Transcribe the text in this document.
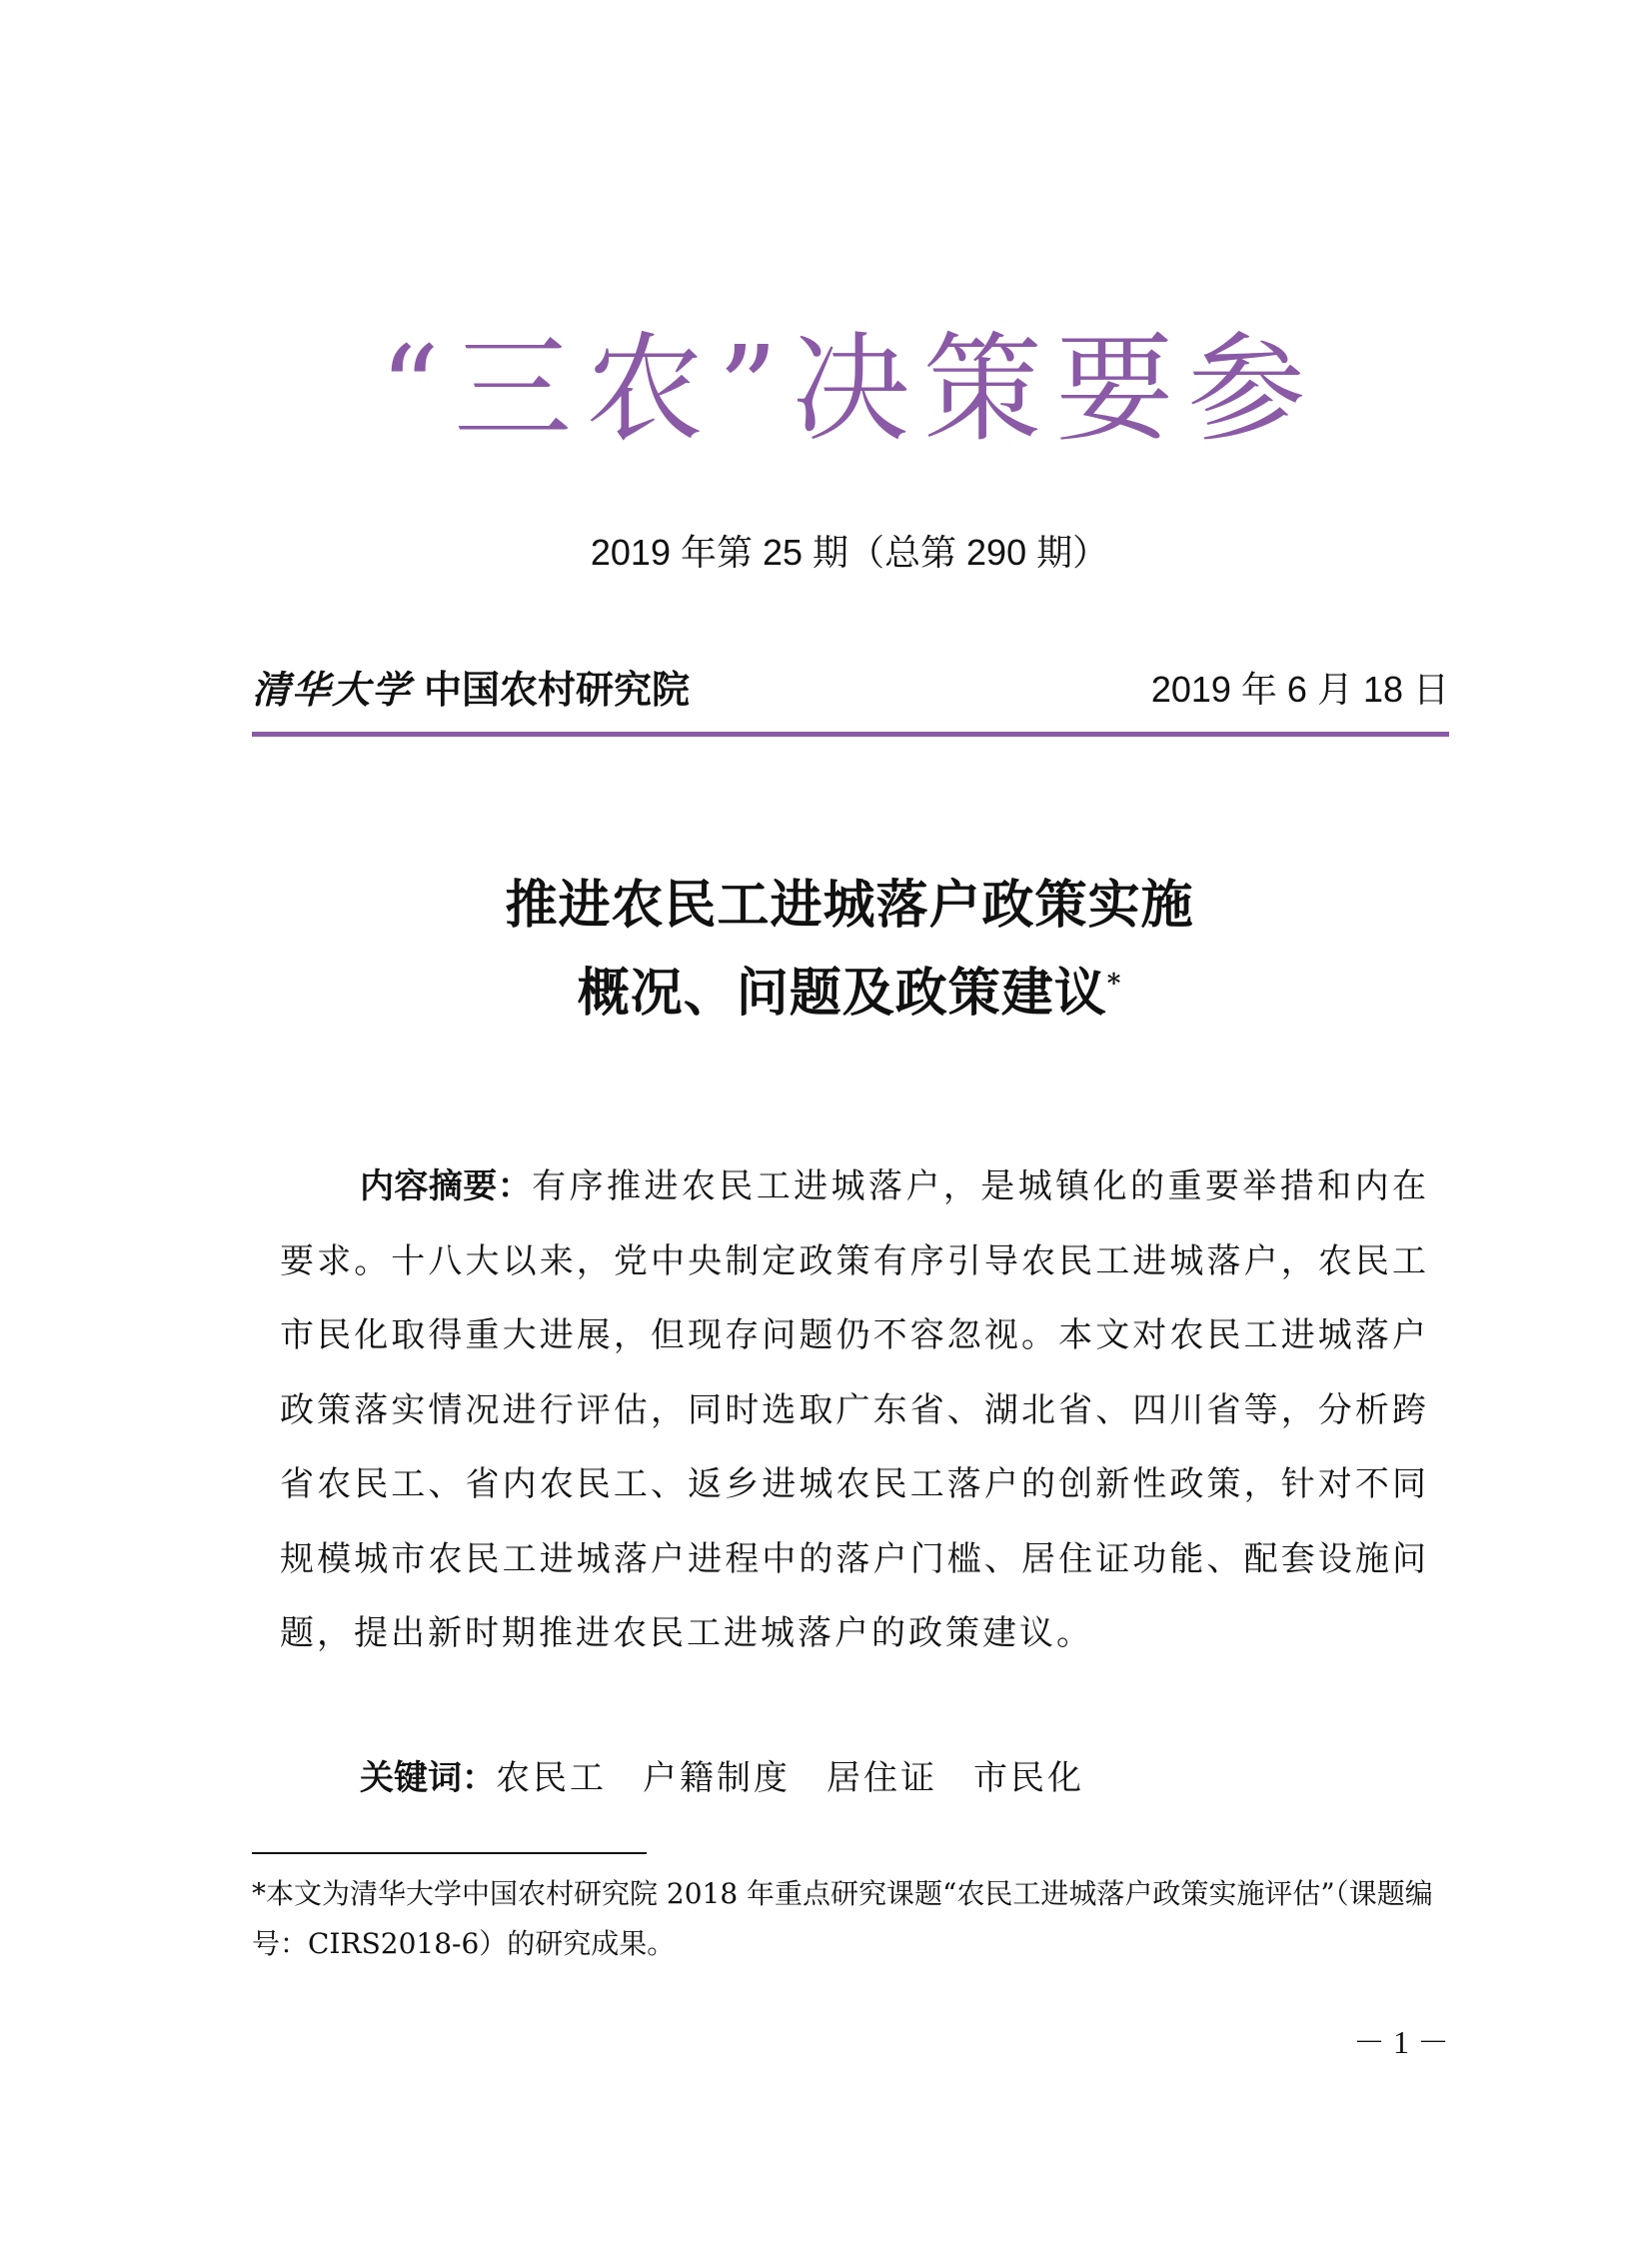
“三农”决策要参
2019 年第 25 期（总第 290 期）
清华大学 中国农村研究院	2019 年 6 月 18 日
推进农民工进城落户政策实施
概况、问题及政策建议*
内容摘要：有序推进农民工进城落户，是城镇化的重要举措和内在要求。十八大以来，党中央制定政策有序引导农民工进城落户，农民工市民化取得重大进展，但现存问题仍不容忽视。本文对农民工进城落户政策落实情况进行评估，同时选取广东省、湖北省、四川省等，分析跨省农民工、省内农民工、返乡进城农民工落户的创新性政策，针对不同规模城市农民工进城落户进程中的落户门槛、居住证功能、配套设施问题，提出新时期推进农民工进城落户的政策建议。
关键词：农民工 户籍制度 居住证 市民化
*本文为清华大学中国农村研究院 2018 年重点研究课题“农民工进城落户政策实施评估”（课题编号：CIRS2018-6）的研究成果。
－ 1 －
